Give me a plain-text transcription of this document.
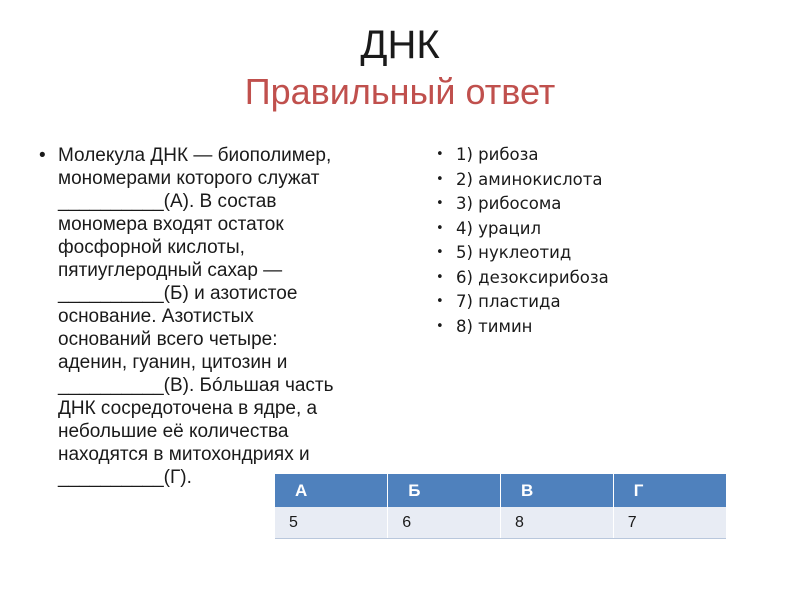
ДНК
Правильный ответ
• Молекула ДНК — биополимер,
мономерами которого служат
__________(А). В состав
мономера входят остаток
фосфорной кислоты,
пятиуглеродный сахар —
__________(Б) и азотистое
основание. Азотистых
оснований всего четыре:
аденин, гуанин, цитозин и
__________(В). Бóльшая часть
ДНК сосредоточена в ядре, а
небольшие её количества
находятся в митохондриях и
__________(Г).
• 1) рибоза
• 2) аминокислота
• 3) рибосома
• 4) урацил
• 5) нуклеотид
• 6) дезоксирибоза
• 7) пластида
• 8) тимин
А	Б	В	Г
5	6	8	7
